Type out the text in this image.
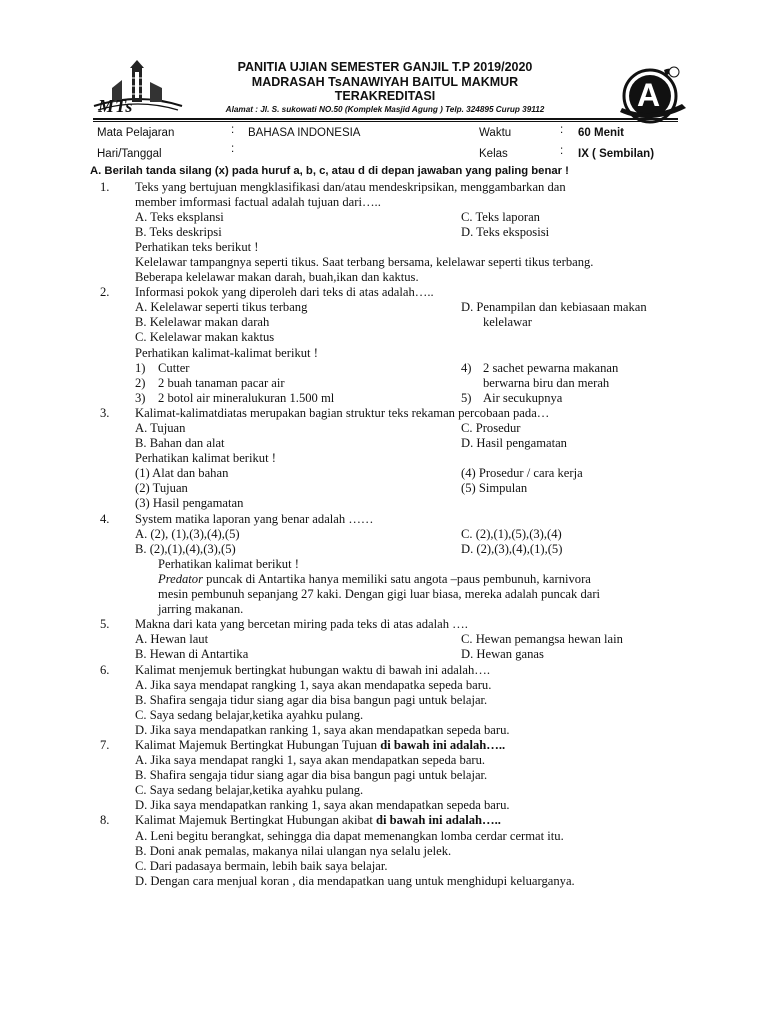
MTs	A
PANITIA UJIAN SEMESTER GANJIL T.P 2019/2020
MADRASAH TsANAWIYAH BAITUL MAKMUR
TERAKREDITASI
Alamat : Jl. S. sukowati NO.50 (Komplek Masjid Agung ) Telp. 324895 Curup 39112
Mata Pelajaran	: BAHASA INDONESIA	Waktu	: 60 Menit
Hari/Tanggal	:	Kelas	: IX ( Sembilan)
A. Berilah tanda silang (x) pada huruf a, b, c, atau d di depan jawaban yang paling benar !
1. Teks yang bertujuan mengklasifikasi dan/atau mendeskripsikan, menggambarkan dan
member imformasi factual adalah tujuan dari…..
A. Teks eksplansi	C. Teks laporan
B. Teks deskripsi	D. Teks eksposisi
Perhatikan teks berikut !
Kelelawar tampangnya seperti tikus. Saat terbang bersama, kelelawar seperti tikus terbang.
Beberapa kelelawar makan darah, buah,ikan dan kaktus.
2. Informasi pokok yang diperoleh dari teks di atas adalah…..
A. Kelelawar seperti tikus terbang	D. Penampilan dan kebiasaan makan
B. Kelelawar makan darah	kelelawar
C. Kelelawar makan kaktus
Perhatikan kalimat-kalimat berikut !
1) Cutter	4) 2 sachet pewarna makanan
2) 2 buah tanaman pacar air	berwarna biru dan merah
3) 2 botol air mineralukuran 1.500 ml	5) Air secukupnya
3. Kalimat-kalimatdiatas merupakan bagian struktur teks rekaman percobaan pada…
A. Tujuan	C. Prosedur
B. Bahan dan alat	D. Hasil pengamatan
Perhatikan kalimat berikut !
(1) Alat dan bahan	(4) Prosedur / cara kerja
(2) Tujuan	(5) Simpulan
(3) Hasil pengamatan
4. System matika laporan yang benar adalah ……
A. (2), (1),(3),(4),(5)	C. (2),(1),(5),(3),(4)
B. (2),(1),(4),(3),(5)	D. (2),(3),(4),(1),(5)
Perhatikan kalimat berikut !
Predator puncak di Antartika hanya memiliki satu angota –paus pembunuh, karnivora
mesin pembunuh sepanjang 27 kaki. Dengan gigi luar biasa, mereka adalah puncak dari
jarring makanan.
5. Makna dari kata yang bercetan miring pada teks di atas adalah ….
A. Hewan laut	C. Hewan pemangsa hewan lain
B. Hewan di Antartika	D. Hewan ganas
6. Kalimat menjemuk bertingkat hubungan waktu di bawah ini adalah….
A. Jika saya mendapat rangking 1, saya akan mendapatka sepeda baru.
B. Shafira sengaja tidur siang agar dia bisa bangun pagi untuk belajar.
C. Saya sedang belajar,ketika ayahku pulang.
D. Jika saya mendapatkan ranking 1, saya akan mendapatkan sepeda baru.
7. Kalimat Majemuk Bertingkat Hubungan Tujuan di bawah ini adalah…..
A. Jika saya mendapat rangki 1, saya akan mendapatkan sepeda baru.
B. Shafira sengaja tidur siang agar dia bisa bangun pagi untuk belajar.
C. Saya sedang belajar,ketika ayahku pulang.
D. Jika saya mendapatkan ranking 1, saya akan mendapatkan sepeda baru.
8. Kalimat Majemuk Bertingkat Hubungan akibat di bawah ini adalah…..
A. Leni begitu berangkat, sehingga dia dapat memenangkan lomba cerdar cermat itu.
B. Doni anak pemalas, makanya nilai ulangan nya selalu jelek.
C. Dari padasaya bermain, lebih baik saya belajar.
D. Dengan cara menjual koran , dia mendapatkan uang untuk menghidupi keluarganya.
